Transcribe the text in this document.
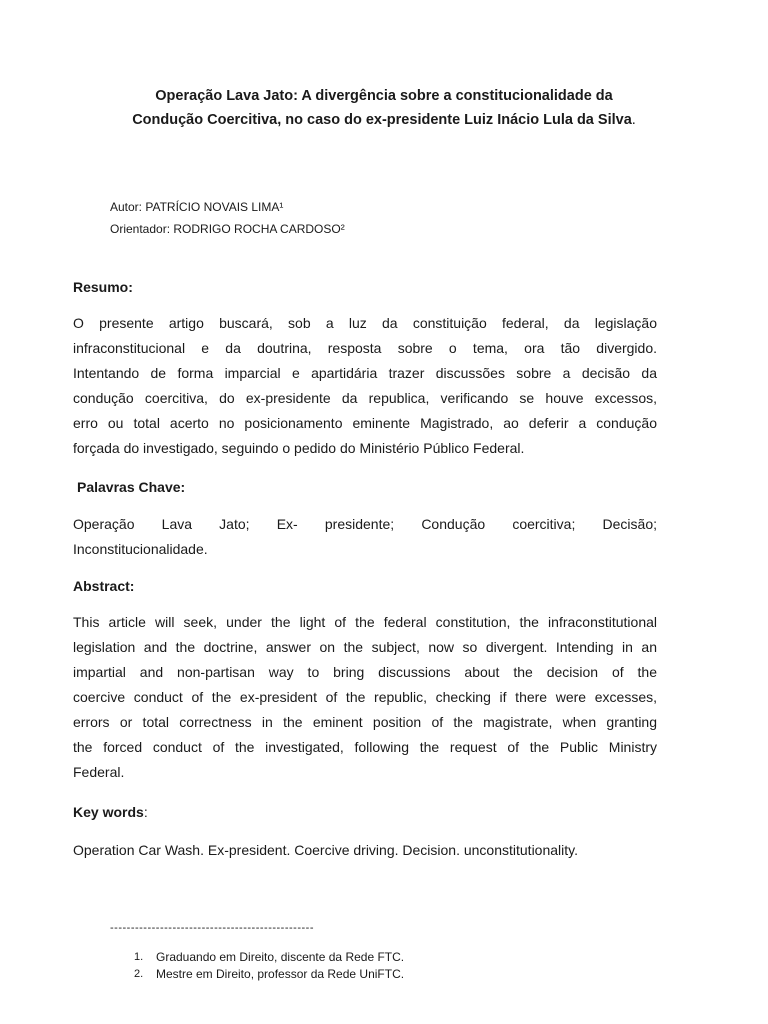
Operação Lava Jato: A divergência sobre a constitucionalidade da
Condução Coercitiva, no caso do ex-presidente Luiz Inácio Lula da Silva.
Autor: PATRÍCIO NOVAIS LIMA¹
Orientador: RODRIGO ROCHA CARDOSO²
Resumo:
O presente artigo buscará, sob a luz da constituição federal, da legislação
infraconstitucional e da doutrina, resposta sobre o tema, ora tão divergido.
Intentando de forma imparcial e apartidária trazer discussões sobre a decisão da
condução coercitiva, do ex-presidente da republica, verificando se houve excessos,
erro ou total acerto no posicionamento eminente Magistrado, ao deferir a condução
forçada do investigado, seguindo o pedido do Ministério Público Federal.
Palavras Chave:
Operação Lava Jato; Ex- presidente; Condução coercitiva; Decisão;
Inconstitucionalidade.
Abstract:
This article will seek, under the light of the federal constitution, the infraconstitutional
legislation and the doctrine, answer on the subject, now so divergent. Intending in an
impartial and non-partisan way to bring discussions about the decision of the
coercive conduct of the ex-president of the republic, checking if there were excesses,
errors or total correctness in the eminent position of the magistrate, when granting
the forced conduct of the investigated, following the request of the Public Ministry
Federal.
Key words:
Operation Car Wash. Ex-president. Coercive driving. Decision. unconstitutionality.
-------------------------------------------------
1.	Graduando em Direito, discente da Rede FTC.
2.	Mestre em Direito, professor da Rede UniFTC.
